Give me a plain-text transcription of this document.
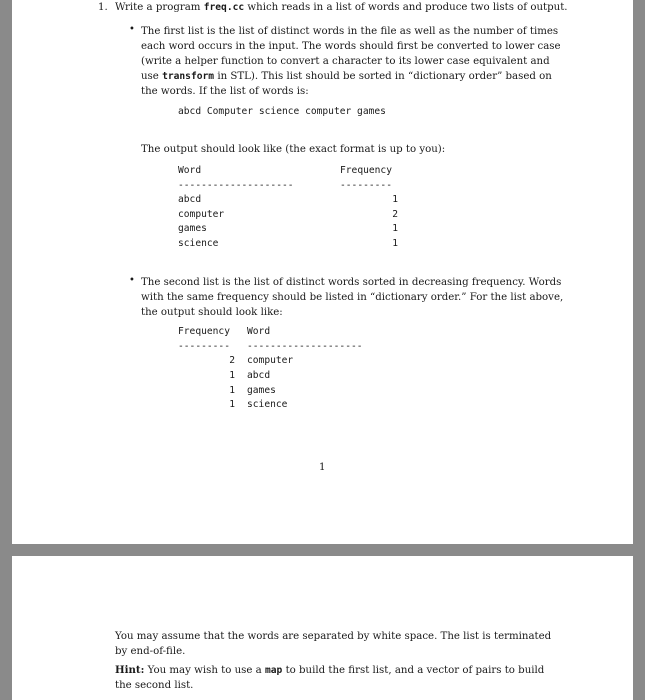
1. Write a program freq.cc which reads in a list of words and produce two lists of output.
• The first list is the list of distinct words in the file as well as the number of times
each word occurs in the input. The words should first be converted to lower case
(write a helper function to convert a character to its lower case equivalent and
use transform in STL). This list should be sorted in “dictionary order” based on
the words. If the list of words is:
abcd Computer science computer games
The output should look like (the exact format is up to you):
Word	Frequency
--------------------	---------
abcd	1
computer	2
games	1
science	1
• The second list is the list of distinct words sorted in decreasing frequency. Words
with the same frequency should be listed in “dictionary order.” For the list above,
the output should look like:
Frequency Word
--------- --------------------
2 computer
1 abcd
1 games
1 science
1
You may assume that the words are separated by white space. The list is terminated
by end-of-file.
Hint: You may wish to use a map to build the first list, and a vector of pairs to build
the second list.
